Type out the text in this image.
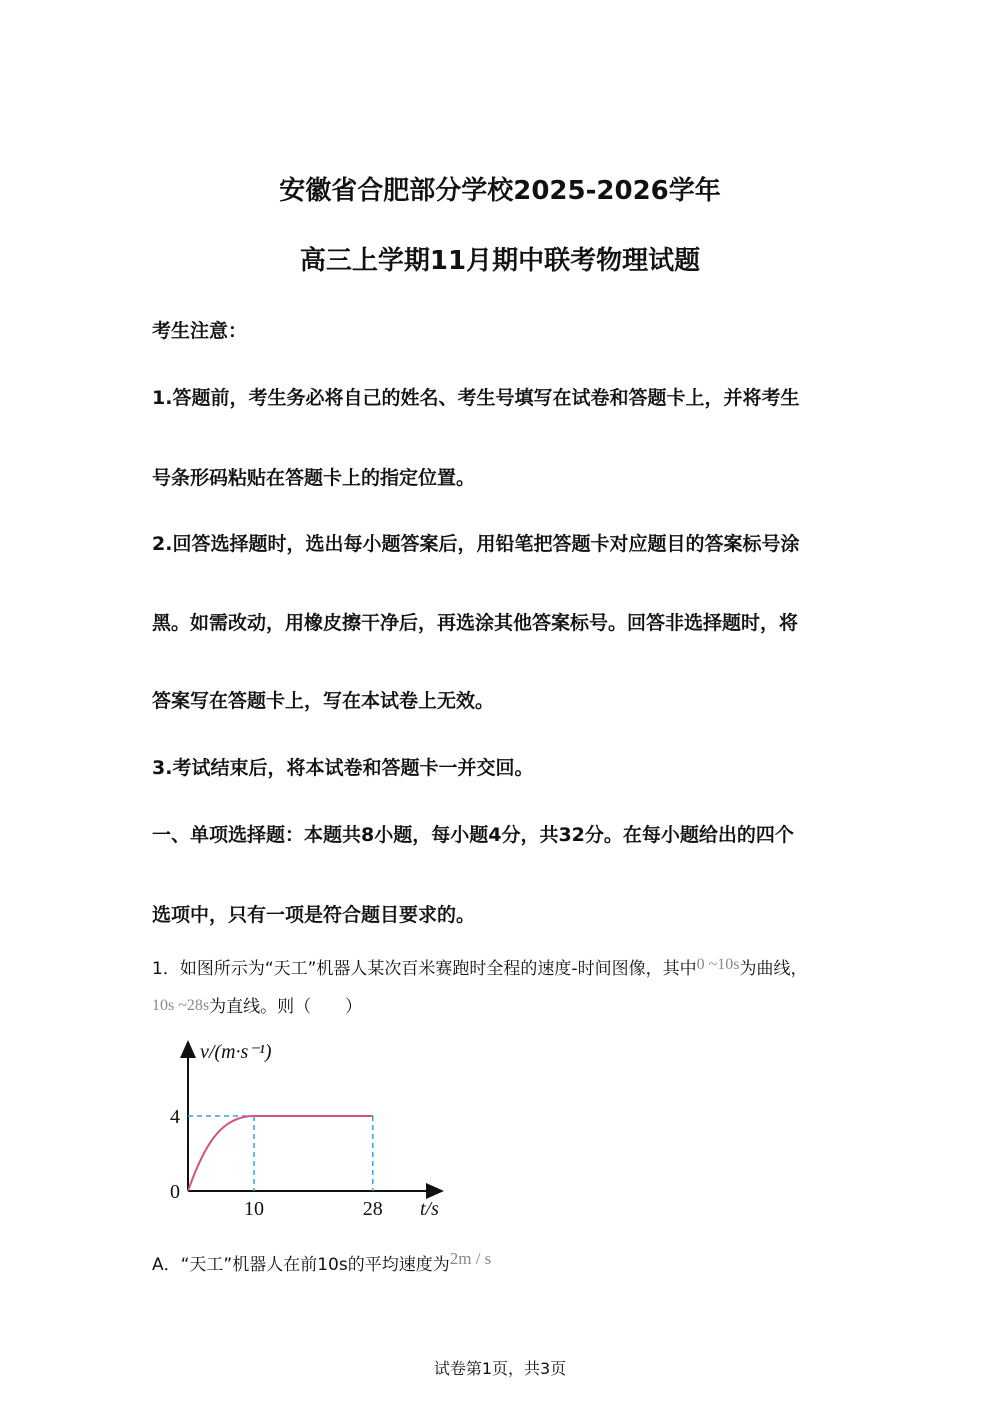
安徽省合肥部分学校2025-2026学年
高三上学期11月期中联考物理试题
考生注意：
1.答题前，考生务必将自己的姓名、考生号填写在试卷和答题卡上，并将考生
号条形码粘贴在答题卡上的指定位置。
2.回答选择题时，选出每小题答案后，用铅笔把答题卡对应题目的答案标号涂
黑。如需改动，用橡皮擦干净后，再选涂其他答案标号。回答非选择题时，将
答案写在答题卡上，写在本试卷上无效。
3.考试结束后，将本试卷和答题卡一并交回。
一、单项选择题：本题共8小题，每小题4分，共32分。在每小题给出的四个
选项中，只有一项是符合题目要求的。
1．如图所示为“天工”机器人某次百米赛跑时全程的速度-时间图像，其中0 ~10s为曲线，
10s ~28s为直线。则（　　）
4
0
10	28
v/(m·s⁻¹)
t/s
A．“天工”机器人在前10s的平均速度为2m / s
试卷第1页，共3页
